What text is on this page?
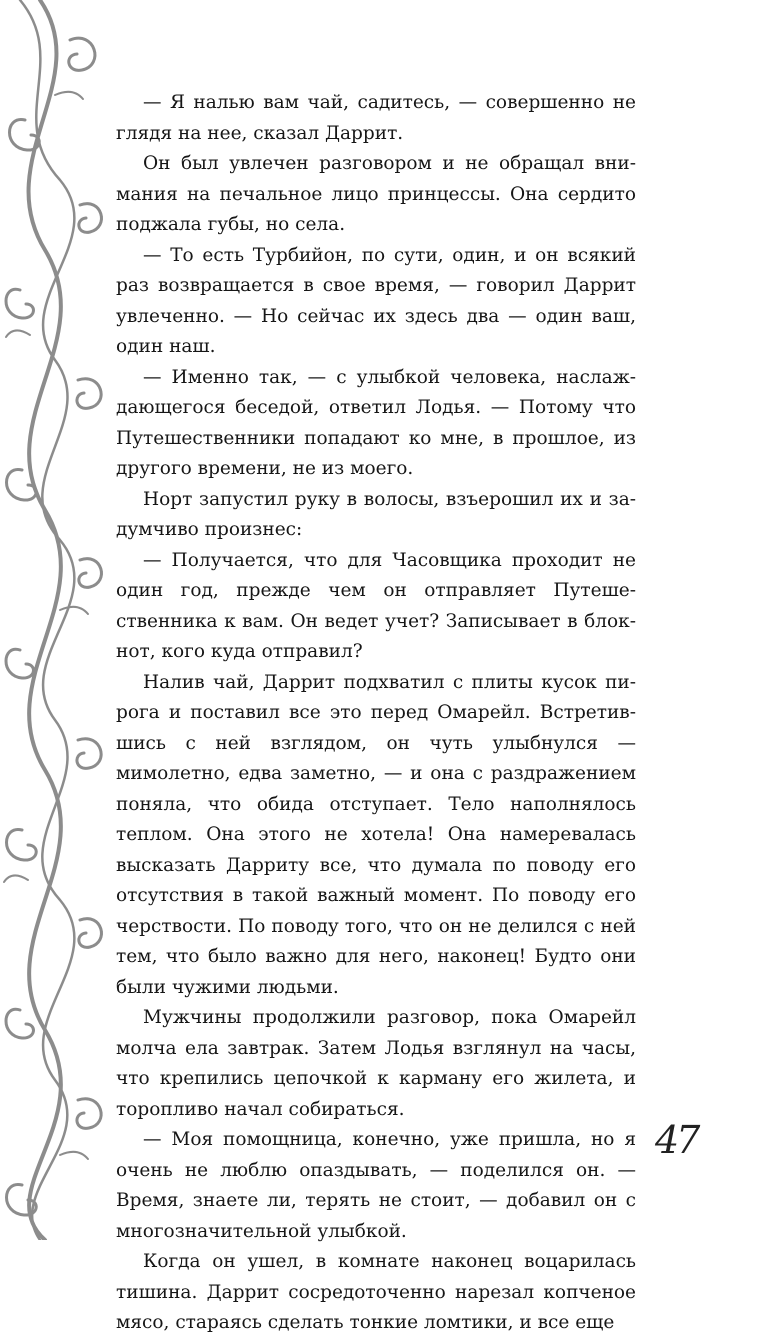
— Я налью вам чай, садитесь, — совершенно не глядя на нее, сказал Даррит.

Он был увлечен разговором и не обращал внимания на печальное лицо принцессы. Она сердито поджала губы, но села.

— То есть Турбийон, по сути, один, и он всякий раз возвращается в свое время, — говорил Даррит увлеченно. — Но сейчас их здесь два — один ваш, один наш.

— Именно так, — с улыбкой человека, наслаждающегося беседой, ответил Лодья. — Потому что Путешественники попадают ко мне, в прошлое, из другого времени, не из моего.

Норт запустил руку в волосы, взъерошил их и задумчиво произнес:

— Получается, что для Часовщика проходит не один год, прежде чем он отправляет Путешественника к вам. Он ведет учет? Записывает в блокнот, кого куда отправил?

Налив чай, Даррит подхватил с плиты кусок пирога и поставил все это перед Омарейл. Встретившись с ней взглядом, он чуть улыбнулся — мимолетно, едва заметно, — и она с раздражением поняла, что обида отступает. Тело наполнялось теплом. Она этого не хотела! Она намеревалась высказать Дарриту все, что думала по поводу его отсутствия в такой важный момент. По поводу его черствости. По поводу того, что он не делился с ней тем, что было важно для него, наконец! Будто они были чужими людьми.

Мужчины продолжили разговор, пока Омарейл молча ела завтрак. Затем Лодья взглянул на часы, что крепились цепочкой к карману его жилета, и торопливо начал собираться.

— Моя помощница, конечно, уже пришла, но я очень не люблю опаздывать, — поделился он. — Время, знаете ли, терять не стоит, — добавил он с многозначительной улыбкой.

Когда он ушел, в комнате наконец воцарилась тишина. Даррит сосредоточенно нарезал копченое мясо, стараясь сделать тонкие ломтики, и все еще

47
